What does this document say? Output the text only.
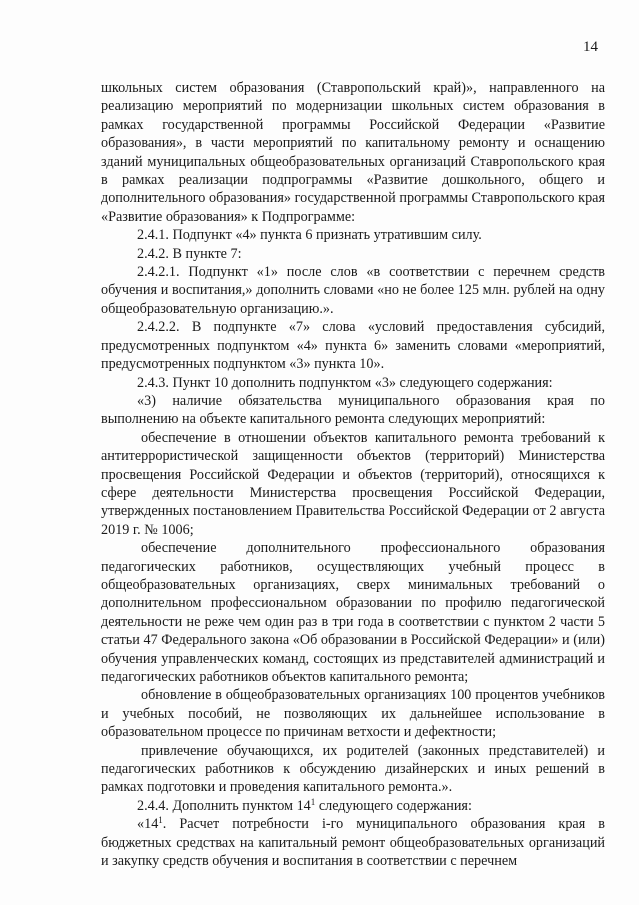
14

школьных систем образования (Ставропольский край)», направленного на реализацию мероприятий по модернизации школьных систем образования в рамках государственной программы Российской Федерации «Развитие образования», в части мероприятий по капитальному ремонту и оснащению зданий муниципальных общеобразовательных организаций Ставропольского края в рамках реализации подпрограммы «Развитие дошкольного, общего и дополнительного образования» государственной программы Ставропольского края «Развитие образования» к Подпрограмме:

2.4.1. Подпункт «4» пункта 6 признать утратившим силу.

2.4.2. В пункте 7:

2.4.2.1. Подпункт «1» после слов «в соответствии с перечнем средств обучения и воспитания,» дополнить словами «но не более 125 млн. рублей на одну общеобразовательную организацию.».

2.4.2.2. В подпункте «7» слова «условий предоставления субсидий, предусмотренных подпунктом «4» пункта 6» заменить словами «мероприятий, предусмотренных подпунктом «3» пункта 10».

2.4.3. Пункт 10 дополнить подпунктом «3» следующего содержания:

«3) наличие обязательства муниципального образования края по выполнению на объекте капитального ремонта следующих мероприятий:

обеспечение в отношении объектов капитального ремонта требований к антитеррористической защищенности объектов (территорий) Министерства просвещения Российской Федерации и объектов (территорий), относящихся к сфере деятельности Министерства просвещения Российской Федерации, утвержденных постановлением Правительства Российской Федерации от 2 августа 2019 г. № 1006;

обеспечение дополнительного профессионального образования педагогических работников, осуществляющих учебный процесс в общеобразовательных организациях, сверх минимальных требований о дополнительном профессиональном образовании по профилю педагогической деятельности не реже чем один раз в три года в соответствии с пунктом 2 части 5 статьи 47 Федерального закона «Об образовании в Российской Федерации» и (или) обучения управленческих команд, состоящих из представителей администраций и педагогических работников объектов капитального ремонта;

обновление в общеобразовательных организациях 100 процентов учебников и учебных пособий, не позволяющих их дальнейшее использование в образовательном процессе по причинам ветхости и дефектности;

привлечение обучающихся, их родителей (законных представителей) и педагогических работников к обсуждению дизайнерских и иных решений в рамках подготовки и проведения капитального ремонта.».

2.4.4. Дополнить пунктом $14^1$ следующего содержания:

«$14^1$. Расчет потребности i-го муниципального образования края в бюджетных средствах на капитальный ремонт общеобразовательных организаций и закупку средств обучения и воспитания в соответствии с перечнем
